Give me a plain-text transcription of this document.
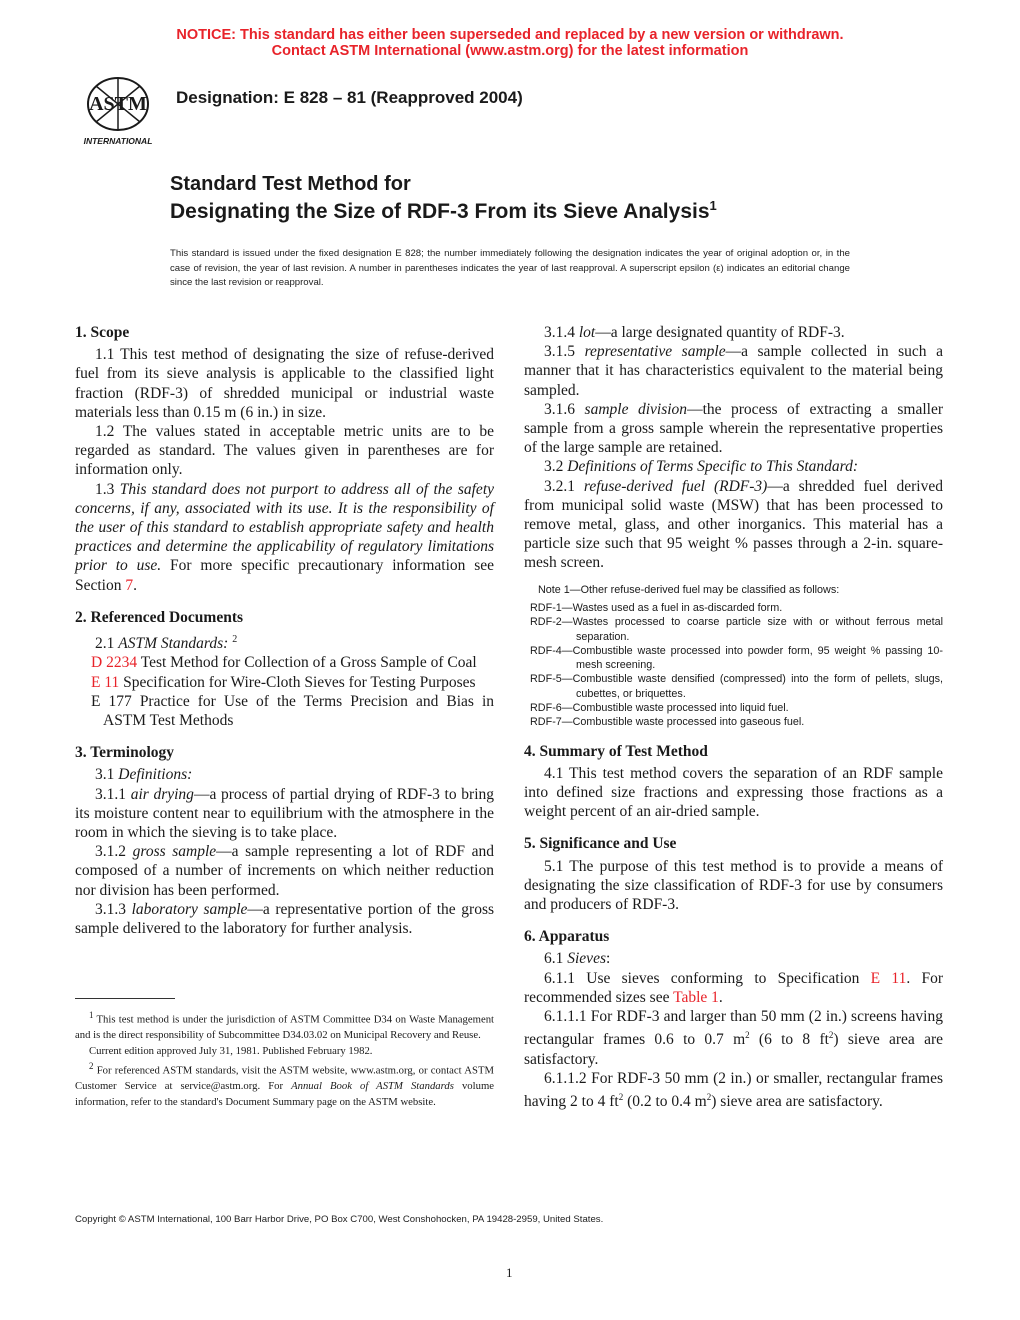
NOTICE: This standard has either been superseded and replaced by a new version or withdrawn.
Contact ASTM International (www.astm.org) for the latest information
ASTM
INTERNATIONAL
Designation: E 828 – 81 (Reapproved 2004)
Standard Test Method for
Designating the Size of RDF-3 From its Sieve Analysis$^1$
This standard is issued under the fixed designation E 828; the number immediately following the designation indicates the year of original adoption or, in the case of revision, the year of last revision. A number in parentheses indicates the year of last reapproval. A superscript epsilon (ε) indicates an editorial change since the last revision or reapproval.

1. Scope

1.1 This test method of designating the size of refuse-derived fuel from its sieve analysis is applicable to the classified light fraction (RDF-3) of shredded municipal or industrial waste materials less than 0.15 m (6 in.) in size.

1.2 The values stated in acceptable metric units are to be regarded as standard. The values given in parentheses are for information only.

1.3 This standard does not purport to address all of the safety concerns, if any, associated with its use. It is the responsibility of the user of this standard to establish appropriate safety and health practices and determine the applicability of regulatory limitations prior to use. For more specific precautionary information see Section 7.

2. Referenced Documents

2.1 ASTM Standards: $^2$

D 2234 Test Method for Collection of a Gross Sample of Coal

E 11 Specification for Wire-Cloth Sieves for Testing Purposes

E 177 Practice for Use of the Terms Precision and Bias in ASTM Test Methods

3. Terminology

3.1 Definitions:

3.1.1 air drying—a process of partial drying of RDF-3 to bring its moisture content near to equilibrium with the atmosphere in the room in which the sieving is to take place.

3.1.2 gross sample—a sample representing a lot of RDF and composed of a number of increments on which neither reduction nor division has been performed.

3.1.3 laboratory sample—a representative portion of the gross sample delivered to the laboratory for further analysis.

$^1$ This test method is under the jurisdiction of ASTM Committee D34 on Waste Management and is the direct responsibility of Subcommittee D34.03.02 on Municipal Recovery and Reuse.

Current edition approved July 31, 1981. Published February 1982.

$^2$ For referenced ASTM standards, visit the ASTM website, www.astm.org, or contact ASTM Customer Service at service@astm.org. For Annual Book of ASTM Standards volume information, refer to the standard's Document Summary page on the ASTM website.

3.1.4 lot—a large designated quantity of RDF-3.

3.1.5 representative sample—a sample collected in such a manner that it has characteristics equivalent to the material being sampled.

3.1.6 sample division—the process of extracting a smaller sample from a gross sample wherein the representative properties of the large sample are retained.

3.2 Definitions of Terms Specific to This Standard:

3.2.1 refuse-derived fuel (RDF-3)—a shredded fuel derived from municipal solid waste (MSW) that has been processed to remove metal, glass, and other inorganics. This material has a particle size such that 95 weight % passes through a 2-in. square-mesh screen.

Note 1—Other refuse-derived fuel may be classified as follows:

RDF-1—Wastes used as a fuel in as-discarded form.

RDF-2—Wastes processed to coarse particle size with or without ferrous metal separation.

RDF-4—Combustible waste processed into powder form, 95 weight % passing 10-mesh screening.

RDF-5—Combustible waste densified (compressed) into the form of pellets, slugs, cubettes, or briquettes.

RDF-6—Combustible waste processed into liquid fuel.

RDF-7—Combustible waste processed into gaseous fuel.

4. Summary of Test Method

4.1 This test method covers the separation of an RDF sample into defined size fractions and expressing those fractions as a weight percent of an air-dried sample.

5. Significance and Use

5.1 The purpose of this test method is to provide a means of designating the size classification of RDF-3 for use by consumers and producers of RDF-3.

6. Apparatus

6.1 Sieves:

6.1.1 Use sieves conforming to Specification E 11. For recommended sizes see Table 1.

6.1.1.1 For RDF-3 and larger than 50 mm (2 in.) screens having rectangular frames 0.6 to 0.7 $m^2$ (6 to 8 $ft^2$) sieve area are satisfactory.

6.1.1.2 For RDF-3 50 mm (2 in.) or smaller, rectangular frames having 2 to 4 $ft^2$ (0.2 to 0.4 $m^2$) sieve area are satisfactory.

Copyright © ASTM International, 100 Barr Harbor Drive, PO Box C700, West Conshohocken, PA 19428-2959, United States.
1
